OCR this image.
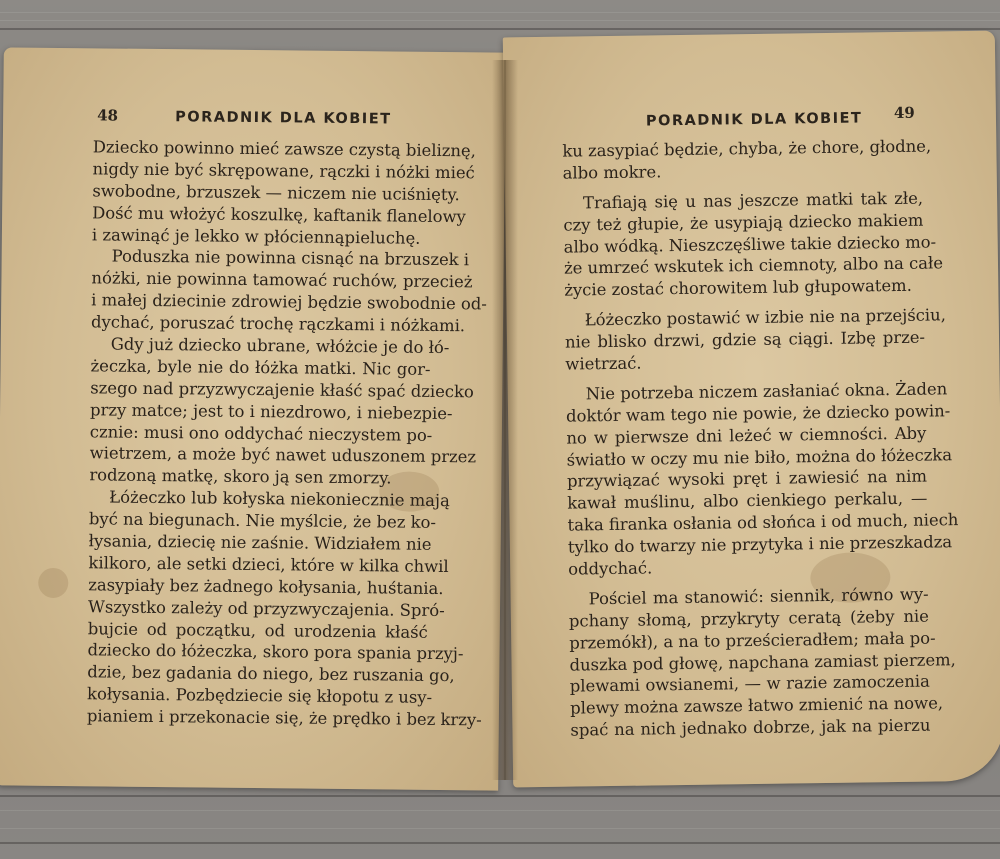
48	PORADNIK DLA KOBIET
Dziecko powinno mieć zawsze czystą bieliznę,
nigdy nie być skrępowane, rączki i nóżki mieć
swobodne, brzuszek — niczem nie uciśnięty.
Dość mu włożyć koszulkę, kaftanik flanelowy
i zawinąć je lekko w płóciennąpieluchę.
Poduszka nie powinna cisnąć na brzuszek i
nóżki, nie powinna tamować ruchów, przecież
i małej dziecinie zdrowiej będzie swobodnie od-
dychać, poruszać trochę rączkami i nóżkami.
Gdy już dziecko ubrane, włóżcie je do łó-
żeczka, byle nie do łóżka matki. Nic gor-
szego nad przyzwyczajenie kłaść spać dziecko
przy matce; jest to i niezdrowo, i niebezpie-
cznie: musi ono oddychać nieczystem po-
wietrzem, a może być nawet uduszonem przez
rodzoną matkę, skoro ją sen zmorzy.
Łóżeczko lub kołyska niekoniecznie mają
być na biegunach. Nie myślcie, że bez ko-
łysania, dziecię nie zaśnie. Widziałem nie
kilkoro, ale setki dzieci, które w kilka chwil
zasypiały bez żadnego kołysania, huśtania.
Wszystko zależy od przyzwyczajenia. Spró-
bujcie od początku, od urodzenia kłaść
dziecko do łóżeczka, skoro pora spania przyj-
dzie, bez gadania do niego, bez ruszania go,
kołysania. Pozbędziecie się kłopotu z usy-
pianiem i przekonacie się, że prędko i bez krzy-
PORADNIK DLA KOBIET 49
ku zasypiać będzie, chyba, że chore, głodne,
albo mokre.
Trafiają się u nas jeszcze matki tak złe,
czy też głupie, że usypiają dziecko makiem
albo wódką. Nieszczęśliwe takie dziecko mo-
że umrzeć wskutek ich ciemnoty, albo na całe
życie zostać chorowitem lub głupowatem.
Łóżeczko postawić w izbie nie na przejściu,
nie blisko drzwi, gdzie są ciągi. Izbę prze-
wietrzać.
Nie potrzeba niczem zasłaniać okna. Żaden
doktór wam tego nie powie, że dziecko powin-
no w pierwsze dni leżeć w ciemności. Aby
światło w oczy mu nie biło, można do łóżeczka
przywiązać wysoki pręt i zawiesić na nim
kawał muślinu, albo cienkiego perkalu, —
taka firanka osłania od słońca i od much, niech
tylko do twarzy nie przytyka i nie przeszkadza
oddychać.
Pościel ma stanowić: siennik, równo wy-
pchany słomą, przykryty ceratą (żeby nie
przemókł), a na to prześcieradłem; mała po-
duszka pod głowę, napchana zamiast pierzem,
plewami owsianemi, — w razie zamoczenia
plewy można zawsze łatwo zmienić na nowe,
spać na nich jednako dobrze, jak na pierzu
